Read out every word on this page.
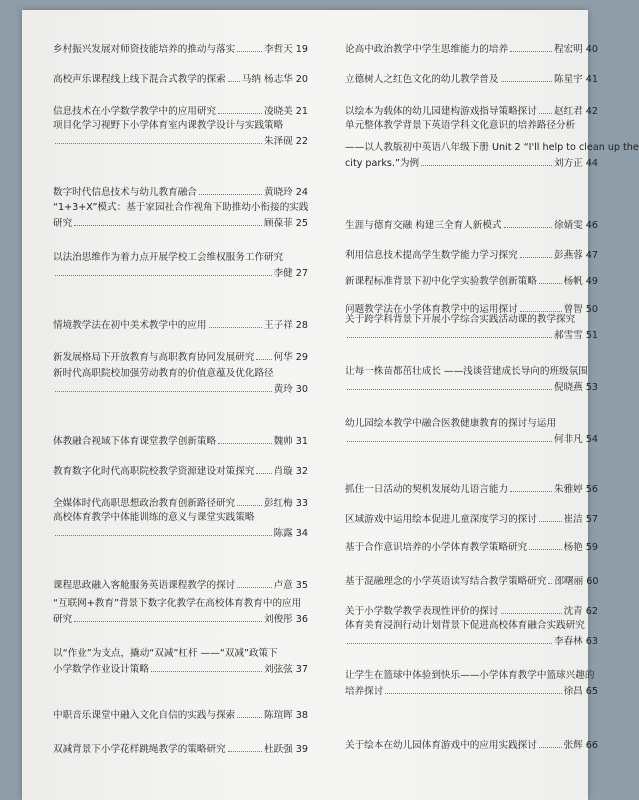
乡村振兴发展对师资技能培养的推动与落实	李哲天 19
高校声乐课程线上线下混合式教学的探索 马纳 杨志华 20
信息技术在小学数学教学中的应用研究	凌晓美 21
项目化学习视野下小学体育室内课教学设计与实践策略
朱泽砚 22
数字时代信息技术与幼儿教育融合	黄晓玲 24
“1+3+X”模式：基于家园社合作视角下助推幼小衔接的实践
研究	顾葆菲 25
以法治思维作为着力点开展学校工会维权服务工作研究
李健 27
情境教学法在初中美术教学中的应用	王子祥 28
新发展格局下开放教育与高职教育协同发展研究 何华 29
新时代高职院校加强劳动教育的价值意蕴及优化路径
黄玲 30
体教融合视域下体育课堂教学创新策略	魏帅 31
教育数字化时代高职院校教学资源建设对策探究 肖璇 32
全媒体时代高职思想政治教育创新路径研究	彭红梅 33
高校体育教学中体能训练的意义与课堂实践策略
陈露 34
课程思政融入客舱服务英语课程教学的探讨	卢意 35
“互联网+教育”背景下数字化教学在高校体育教育中的应用
研究	刘俊彤 36
以“作业”为支点，撬动“双减”杠杆 ——“双减”政策下
小学数学作业设计策略	刘弦弦 37
中职音乐课堂中融入文化自信的实践与探索	陈瑄晖 38
双减背景下小学花样跳绳教学的策略研究	杜跃强 39
论高中政治教学中学生思维能力的培养	程宏明 40
立德树人之红色文化的幼儿教学普及	陈星宇 41
以绘本为载体的幼儿园建构游戏指导策略探讨 赵红君 42
单元整体教学背景下英语学科文化意识的培养路径分析
——以人教版初中英语八年级下册 Unit 2 “I'll help to clean up the
city parks.”为例	刘方正 44
生涯与德育交融 构建三全育人新模式	徐婧雯 46
利用信息技术提高学生数学能力学习探究	彭燕蓉 47
新课程标准背景下初中化学实验教学创新策略	杨帆 49
问题教学法在小学体育教学中的运用探讨	曾智 50
关于跨学科背景下开展小学综合实践活动课的教学探究
郝雪雪 51
让每一株苗都茁壮成长 ——浅谈营建成长导向的班级氛围
倪晓燕 53
幼儿园绘本教学中融合医教健康教育的探讨与运用
何非凡 54
抓住一日活动的契机发展幼儿语言能力	朱雅婷 56
区域游戏中运用绘本促进儿童深度学习的探讨	崔洁 57
基于合作意识培养的小学体育教学策略研究	杨艳 59
基于混融理念的小学英语读写结合教学策略研究 邵曙丽 60
关于小学数学教学表现性评价的探讨	沈青 62
体育美育浸润行动计划背景下促进高校体育融合实践研究
李春林 63
让学生在篮球中体验到快乐——小学体育教学中篮球兴趣的
培养探讨	徐昌 65
关于绘本在幼儿园体育游戏中的应用实践探讨	张辉 66
